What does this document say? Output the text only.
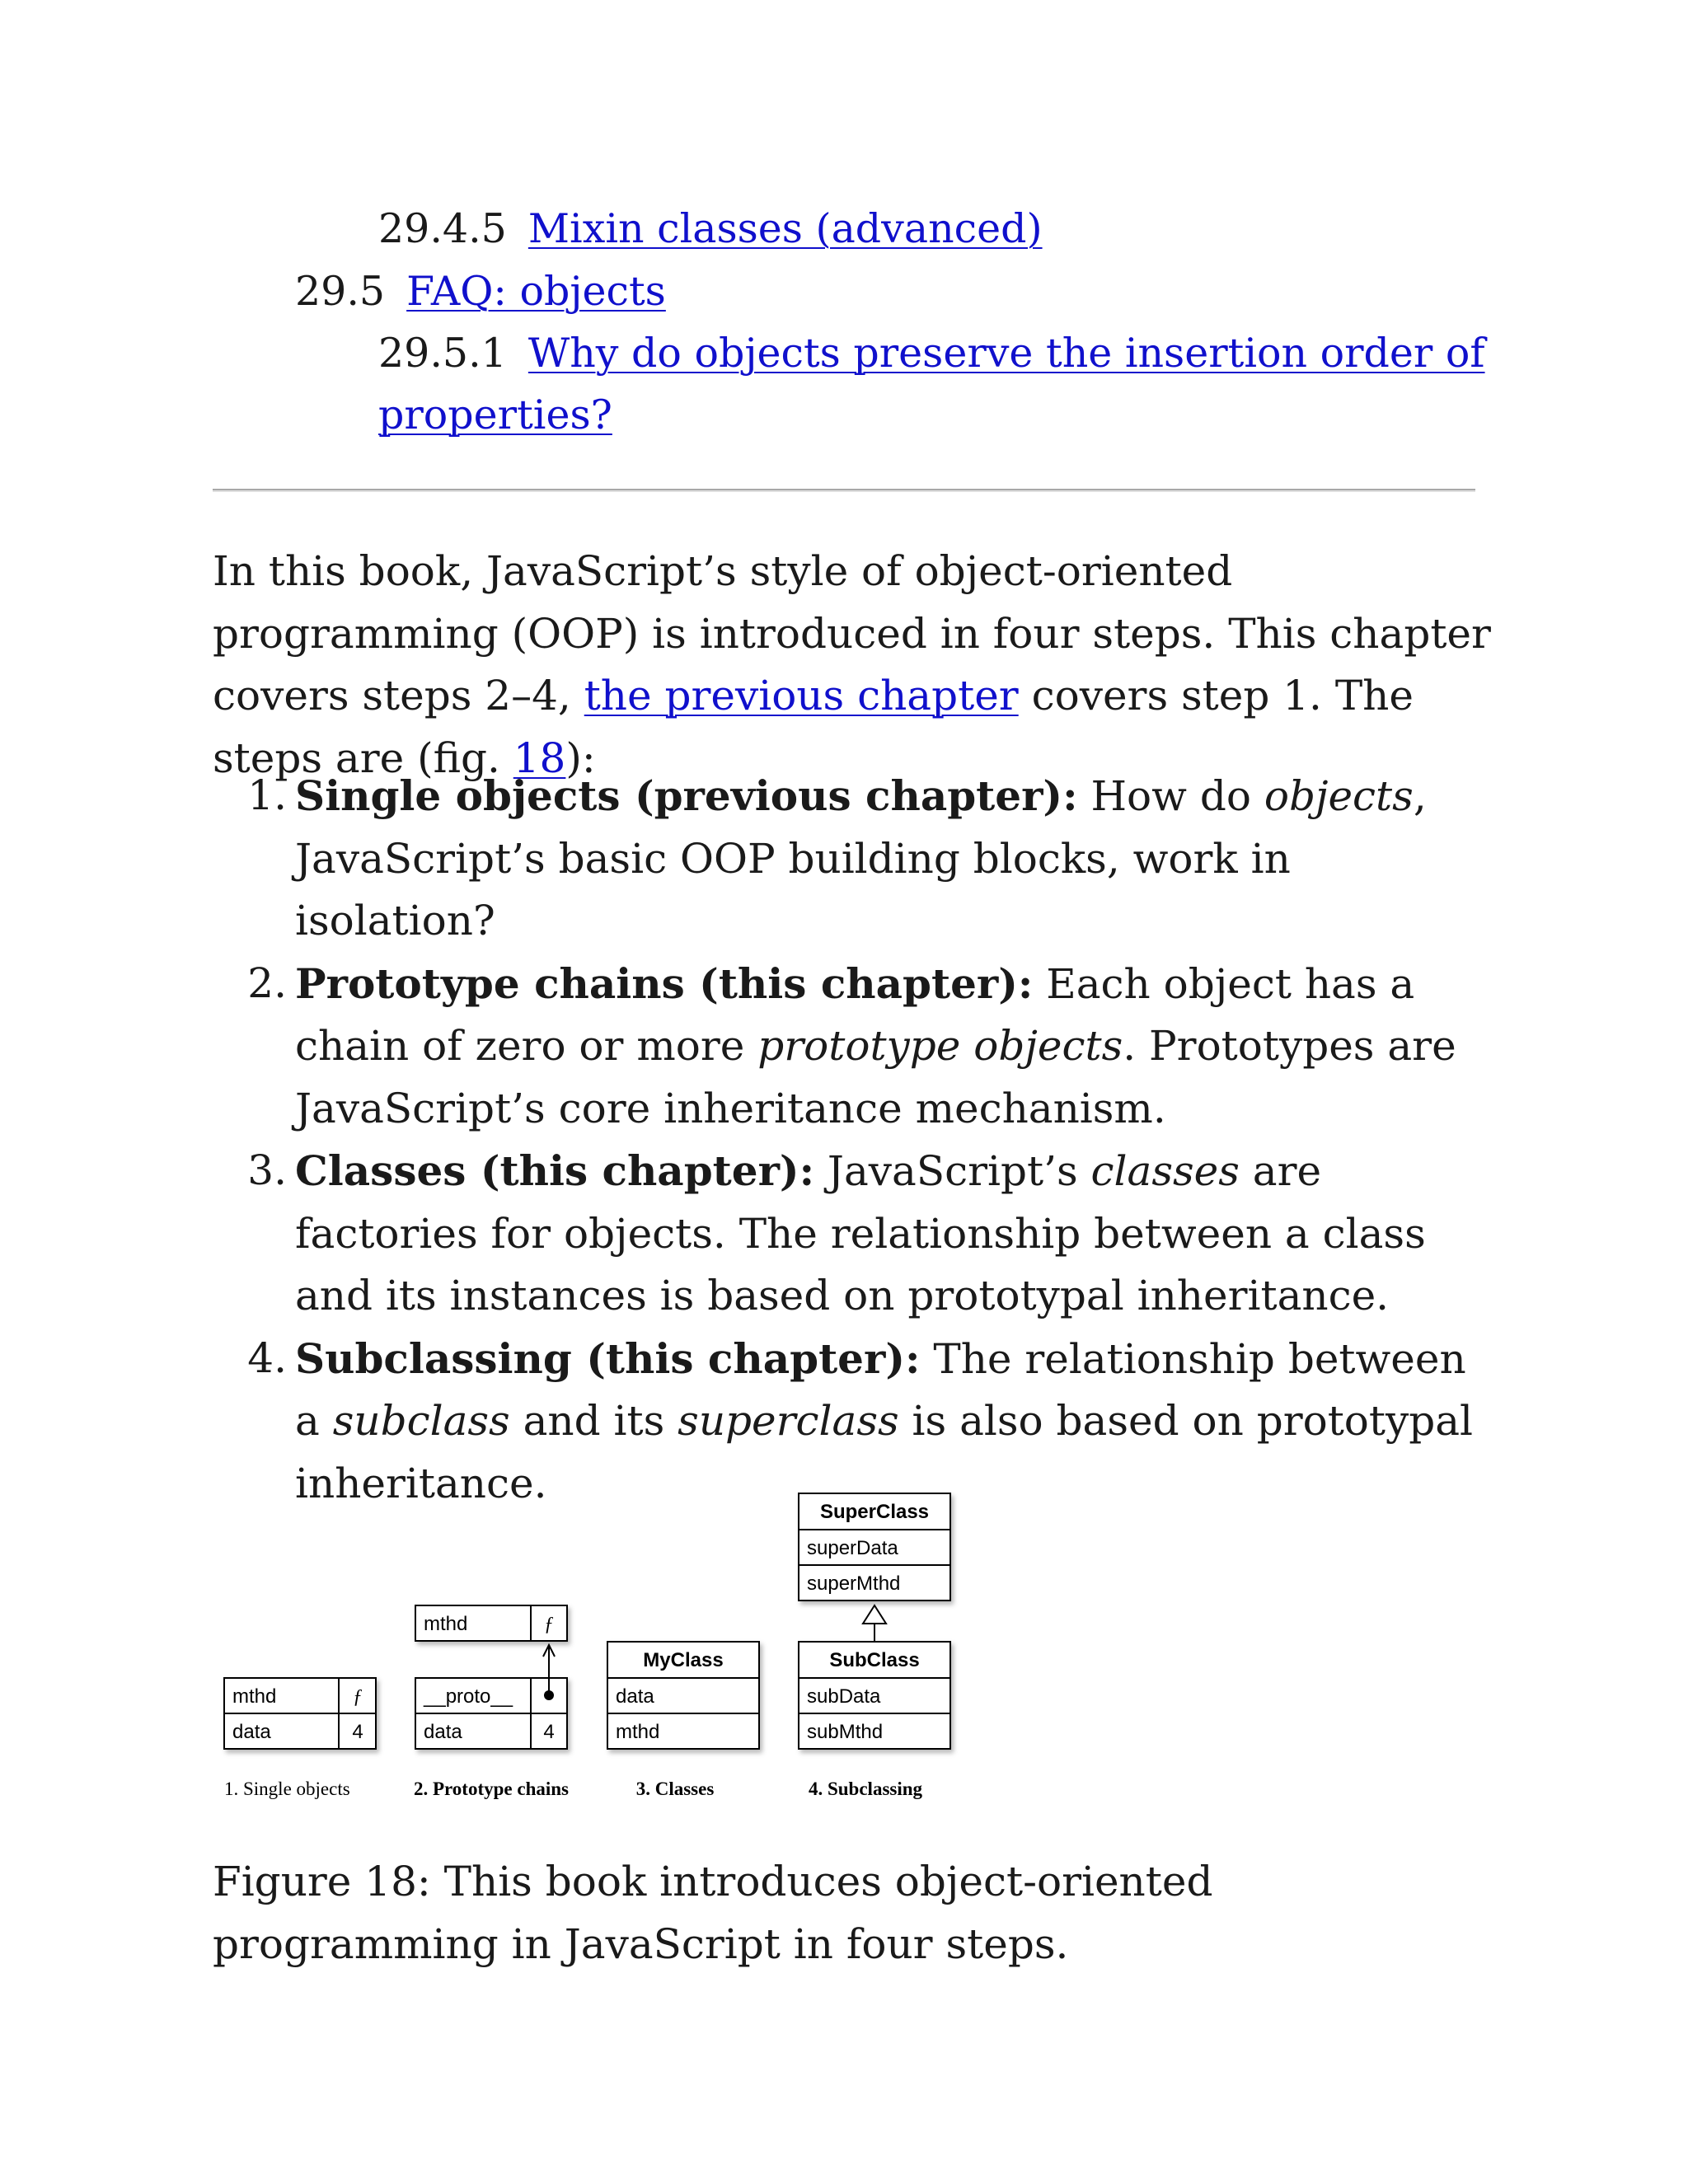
29.4.5 Mixin classes (advanced)
29.5 FAQ: objects
29.5.1 Why do objects preserve the insertion order of
properties?

In this book, JavaScript’s style of object-oriented programming (OOP) is introduced in four steps. This chapter covers steps 2–4, the previous chapter covers step 1. The steps are (fig. 18):

1. Single objects (previous chapter): How do objects, JavaScript’s basic OOP building blocks, work in isolation?
2. Prototype chains (this chapter): Each object has a chain of zero or more prototype objects. Prototypes are JavaScript’s core inheritance mechanism.
3. Classes (this chapter): JavaScript’s classes are factories for objects. The relationship between a class and its instances is based on prototypal inheritance.
4. Subclassing (this chapter): The relationship between a subclass and its superclass is also based on prototypal inheritance.
mthd	ƒ
data	4
1. Single objects
mthd	ƒ
__proto__
data	4
2. Prototype chains
MyClass
data
mthd
3. Classes
SuperClass
superData
superMthd
SubClass
subData
subMthd
4. Subclassing

Figure 18: This book introduces object-oriented programming in JavaScript in four steps.
